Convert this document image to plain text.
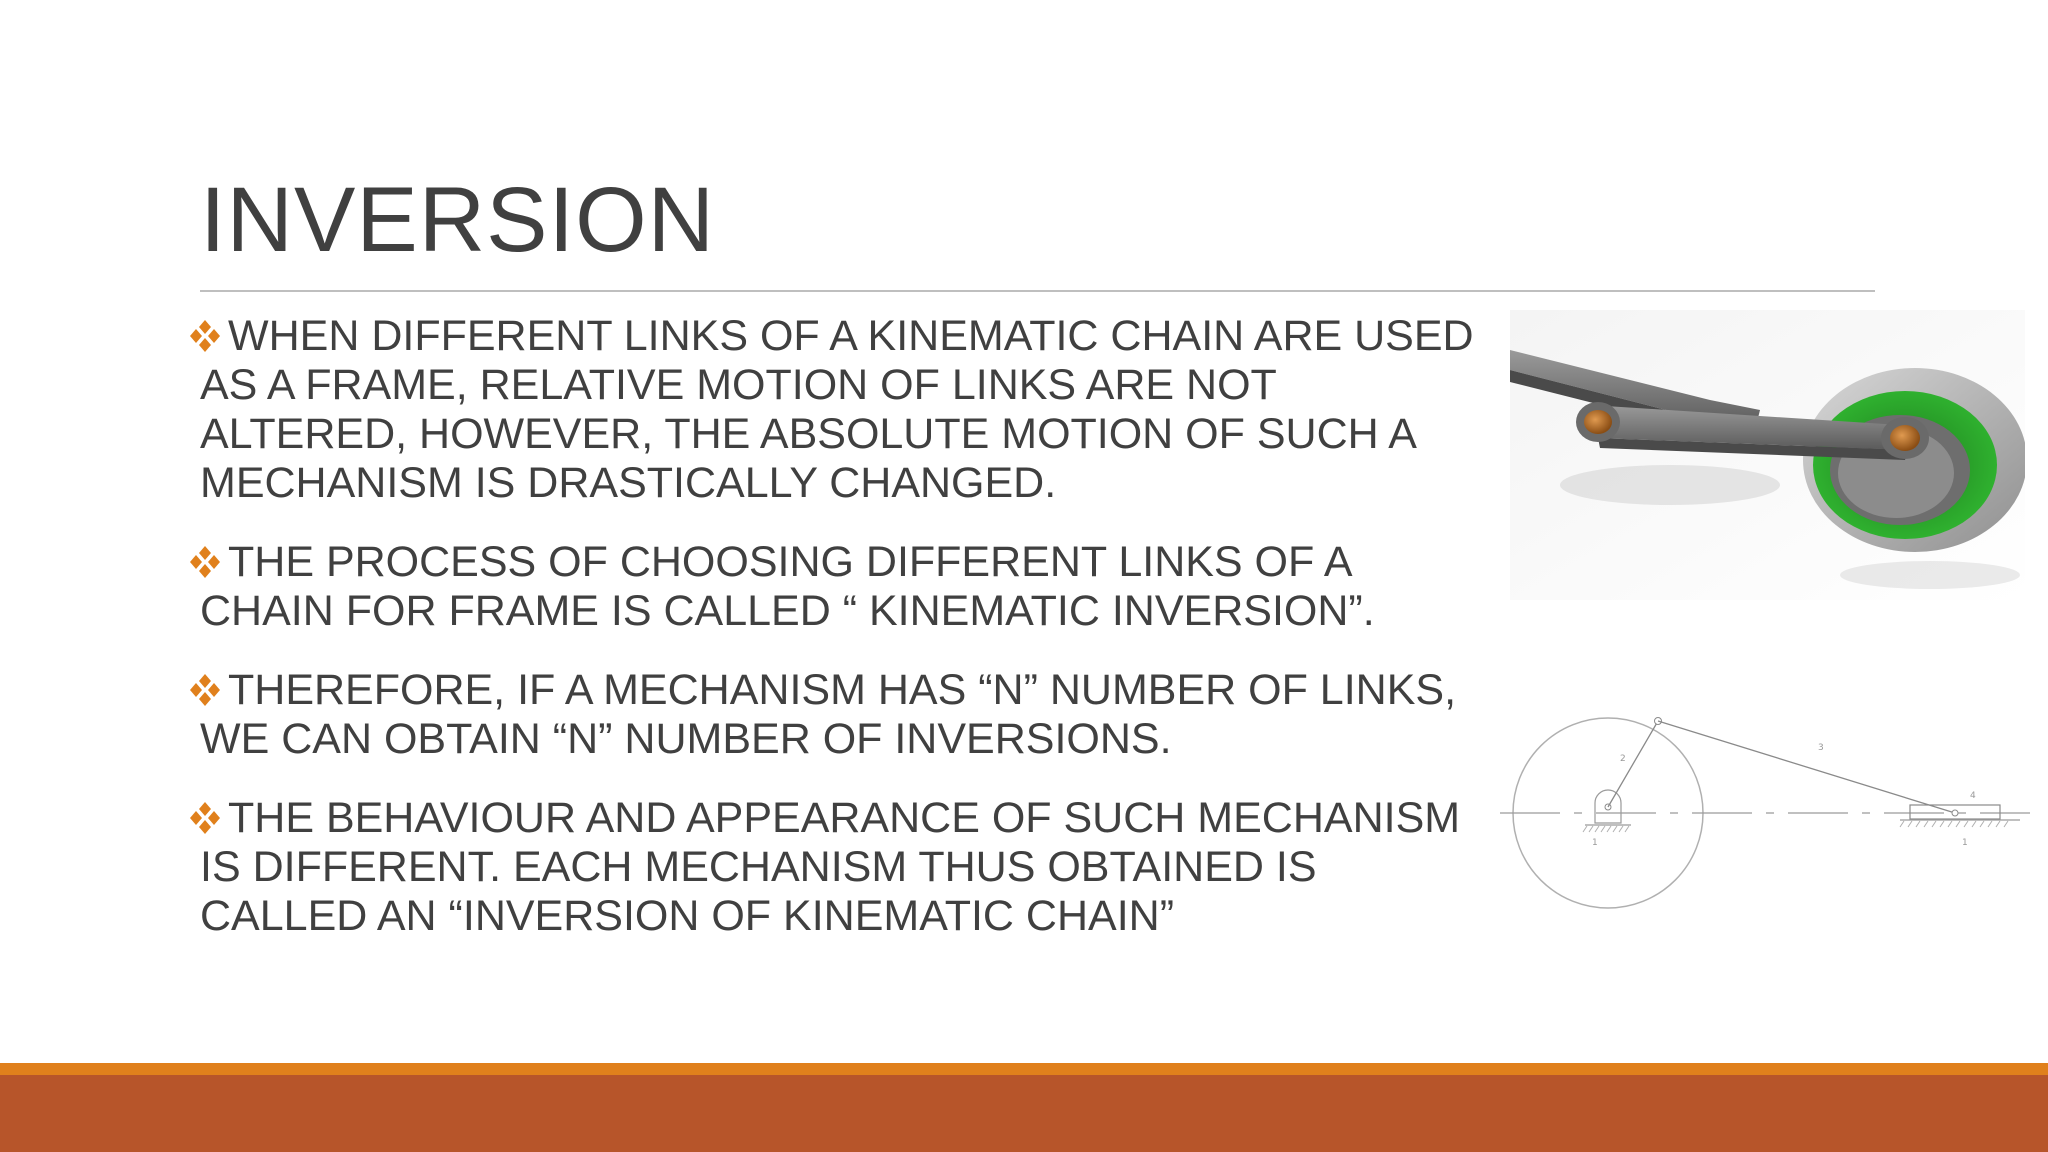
INVERSION
WHEN DIFFERENT LINKS OF A KINEMATIC CHAIN ARE USED AS A FRAME, RELATIVE MOTION OF LINKS ARE NOT ALTERED, HOWEVER, THE ABSOLUTE MOTION OF SUCH A MECHANISM IS DRASTICALLY CHANGED.
THE PROCESS OF CHOOSING DIFFERENT LINKS OF A CHAIN FOR FRAME IS CALLED “ KINEMATIC INVERSION”.
THEREFORE, IF A MECHANISM HAS “N” NUMBER OF LINKS, WE CAN OBTAIN “N” NUMBER OF INVERSIONS.
THE BEHAVIOUR AND APPEARANCE OF SUCH MECHANISM IS DIFFERENT. EACH MECHANISM THUS OBTAINED IS CALLED AN “INVERSION OF KINEMATIC CHAIN”
1
2
3
4
1
